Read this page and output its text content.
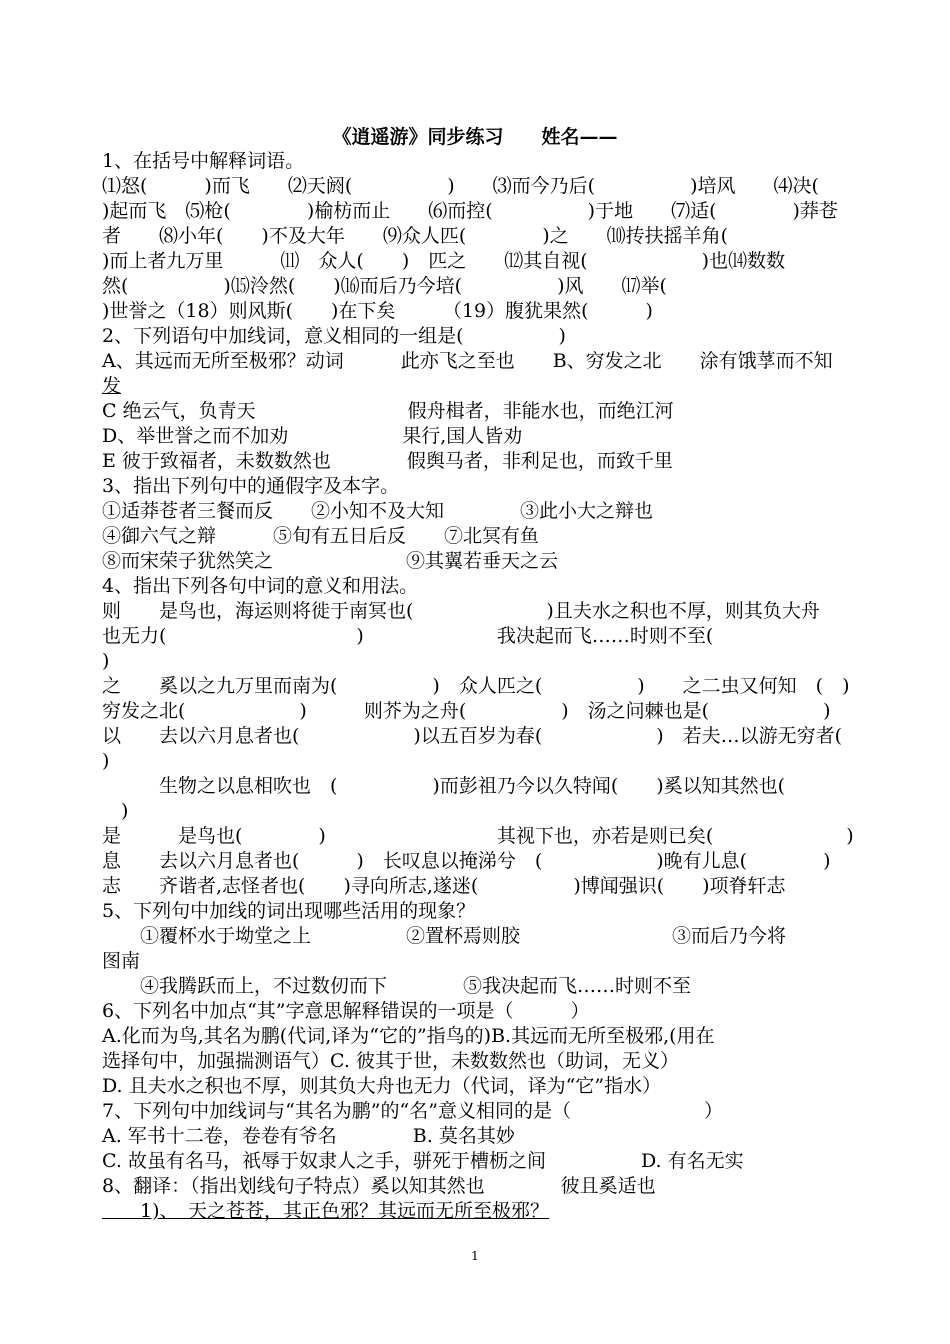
《逍遥游》同步练习　　姓名——
1、在括号中解释词语。
⑴怒(　　　)而飞　　⑵天阏(　　　　　)　　⑶而今乃后(　　　　　)培风　　⑷决(
)起而飞　⑸枪(　　　　)榆枋而止　　⑹而控(　　　　　)于地　　⑺适(　　　　)莽苍
者　　⑻小年(　　)不及大年　　⑼众人匹(　　　　)之　　⑽抟扶摇羊角(
)而上者九万里　　　⑾　众人(　　)　匹之　　⑿其自视(　　　　　　)也⒁数数
然(　　　　　)⒂泠然(　　)⒃而后乃今培(　　　　　)风　　⒄举(
)世誉之（18）则风斯(　　)在下矣　　　（19）腹犹果然(　　　)
2、下列语句中加线词，意义相同的一组是(　　　　　)
A、其远而无所至极邪？动词　　　此亦飞之至也　　B、穷发之北　　涂有饿莩而不知
发
C 绝云气，负青天　　　　　　　　假舟楫者，非能水也，而绝江河
D、举世誉之而不加劝　　　　　　果行,国人皆劝
E 彼于致福者，未数数然也　　　　假舆马者，非利足也，而致千里
3、指出下列句中的通假字及本字。
①适莽苍者三餐而反　　②小知不及大知　　　　③此小大之辩也
④御六气之辩　　　⑤旬有五日后反　　⑦北冥有鱼
⑧而宋荣子犹然笑之　　　　　　　⑨其翼若垂天之云
4、指出下列各句中词的意义和用法。
则　　是鸟也，海运则将徙于南冥也(　　　　　　　)且夫水之积也不厚，则其负大舟
也无力(　　　　　　　　　　)　　　　　　　我决起而飞……时则不至(
)
之　　奚以之九万里而南为(　　　　　)　众人匹之(　　　　　)　　之二虫又何知　(　)
穷发之北(　　　　　　)　　　则芥为之舟(　　　　　)　汤之问棘也是(　　　　　　)
以　　去以六月息者也(　　　　　　)以五百岁为春(　　　　　　)　若夫…以游无穷者(
)
　　　生物之以息相吹也　(　　　　　)而彭祖乃今以久特闻(　　)奚以知其然也(
　)
是　　　是鸟也(　　　　)　　　　　　　　　其视下也，亦若是则已矣(　　　　　　　)
息　　去以六月息者也(　　　)　长叹息以掩涕兮　(　　　　　　)晚有儿息(　　　　)
志　　齐谐者,志怪者也(　　)寻向所志,遂迷(　　　　　)博闻强识(　　)项脊轩志
5、下列句中加线的词出现哪些活用的现象？
　　①覆杯水于坳堂之上　　　　　②置杯焉则胶　　　　　　　　③而后乃今将
图南
　　④我腾跃而上，不过数仞而下　　　　⑤我决起而飞……时则不至
6、下列名中加点“其”字意思解释错误的一项是（　　　）
A.化而为鸟,其名为鹏(代词,译为“它的”指鸟的)B.其远而无所至极邪,(用在
选择句中，加强揣测语气）C. 彼其于世，未数数然也（助词，无义）
D. 且夫水之积也不厚，则其负大舟也无力（代词，译为“它”指水）
7、下列句中加线词与“其名为鹏”的“名”意义相同的是（　　　　　　　）
A. 军书十二卷，卷卷有爷名　　　　B. 莫名其妙
C. 故虽有名马，祇辱于奴隶人之手，骈死于槽枥之间　　　　　D. 有名无实
8、翻译：（指出划线句子特点）奚以知其然也　　　　彼且奚适也
　　1)、　天之苍苍，其正色邪？其远而无所至极邪？
1
